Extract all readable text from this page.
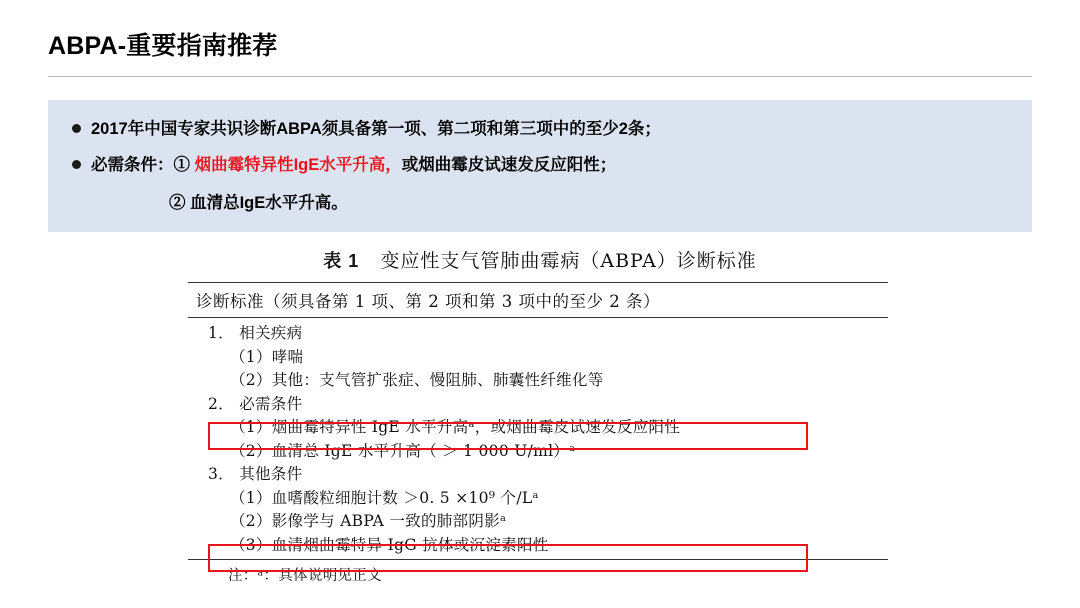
ABPA-重要指南推荐
2017年中国专家共识诊断ABPA须具备第一项、第二项和第三项中的至少2条；
必需条件：① 烟曲霉特异性IgE水平升高，或烟曲霉皮试速发反应阳性；
② 血清总IgE水平升高。
表 1 变应性支气管肺曲霉病（ABPA）诊断标准
诊断标准（须具备第 1 项、第 2 项和第 3 项中的至少 2 条）
1． 相关疾病
（1）哮喘
（2）其他：支气管扩张症、慢阻肺、肺囊性纤维化等
2． 必需条件
（1）烟曲霉特异性 IgE 水平升高ᵃ，或烟曲霉皮试速发反应阳性
（2）血清总 IgE 水平升高（ ＞ 1 000 U/ml）ᵃ
3． 其他条件
（1）血嗜酸粒细胞计数 ＞0. 5 ×10⁹ 个/Lᵃ
（2）影像学与 ABPA 一致的肺部阴影ᵃ
（3）血清烟曲霉特异 IgG 抗体或沉淀素阳性
注：ᵃ：具体说明见正文
